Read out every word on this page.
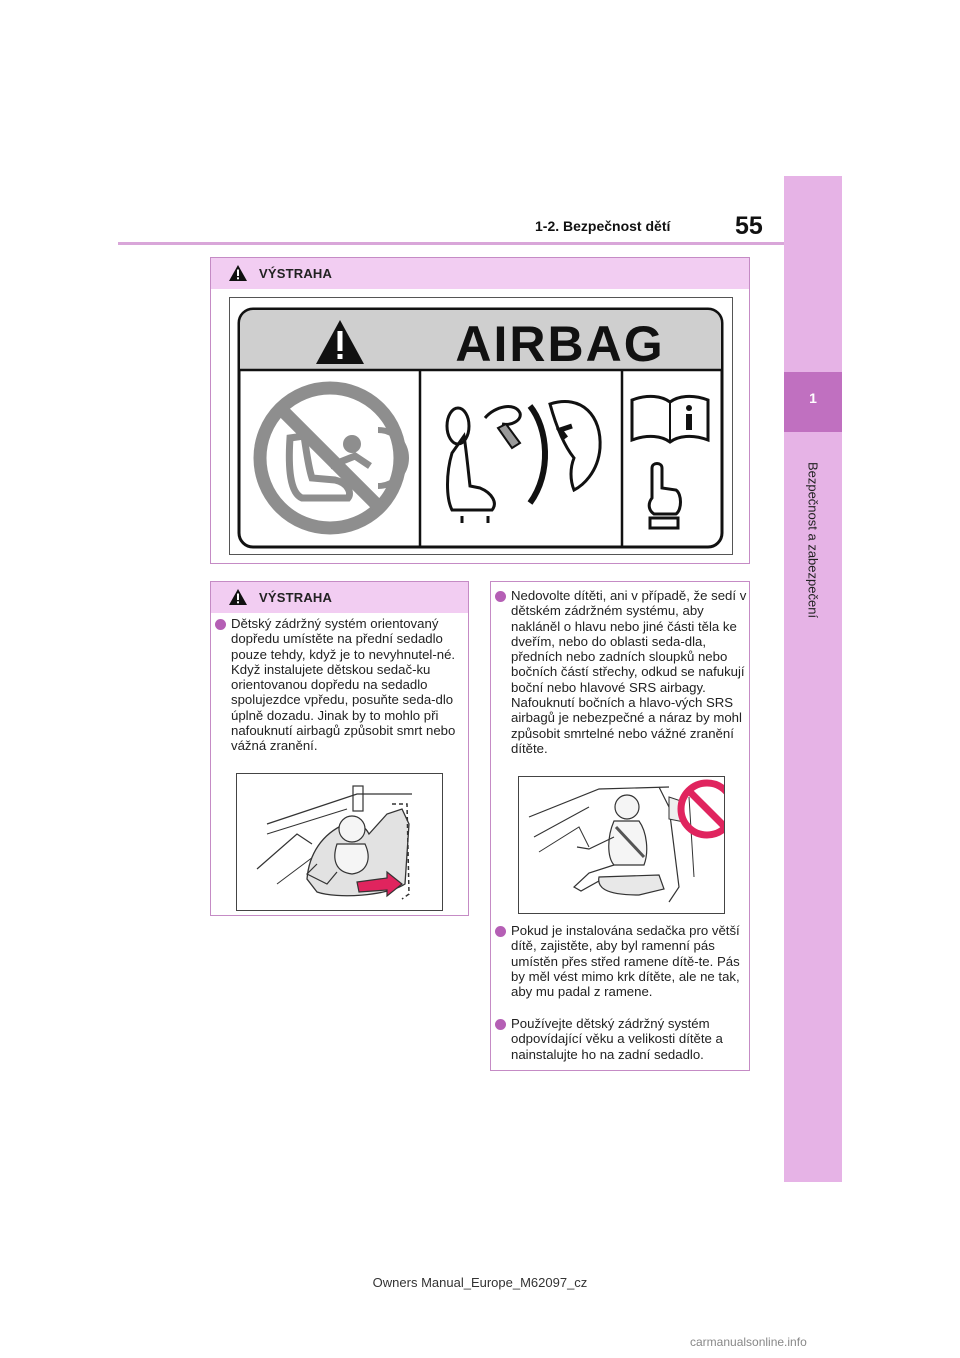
1-2. Bezpečnost dětí	55
1
Bezpečnost a zabezpečení
VÝSTRAHA
AIRBAG
VÝSTRAHA
Dětský zádržný systém orientovaný dopředu umístěte na přední sedadlo pouze tehdy, když je to nevyhnutel-né. Když instalujete dětskou sedač-ku orientovanou dopředu na sedadlo spolujezdce vpředu, posuňte seda-dlo úplně dozadu. Jinak by to mohlo při nafouknutí airbagů způsobit smrt nebo vážná zranění.
Nedovolte dítěti, ani v případě, že sedí v dětském zádržném systému, aby nakláněl o hlavu nebo jiné části těla ke dveřím, nebo do oblasti seda-dla, předních nebo zadních sloupků nebo bočních částí střechy, odkud se nafukují boční nebo hlavové SRS airbagy. Nafouknutí bočních a hlavo-vých SRS airbagů je nebezpečné a náraz by mohl způsobit smrtelné nebo vážné zranění dítěte.
Pokud je instalována sedačka pro větší dítě, zajistěte, aby byl ramenní pás umístěn přes střed ramene dítě-te. Pás by měl vést mimo krk dítěte, ale ne tak, aby mu padal z ramene.
Používejte dětský zádržný systém odpovídající věku a velikosti dítěte a nainstalujte ho na zadní sedadlo.
Owners Manual_Europe_M62097_cz
carmanualsonline.info
